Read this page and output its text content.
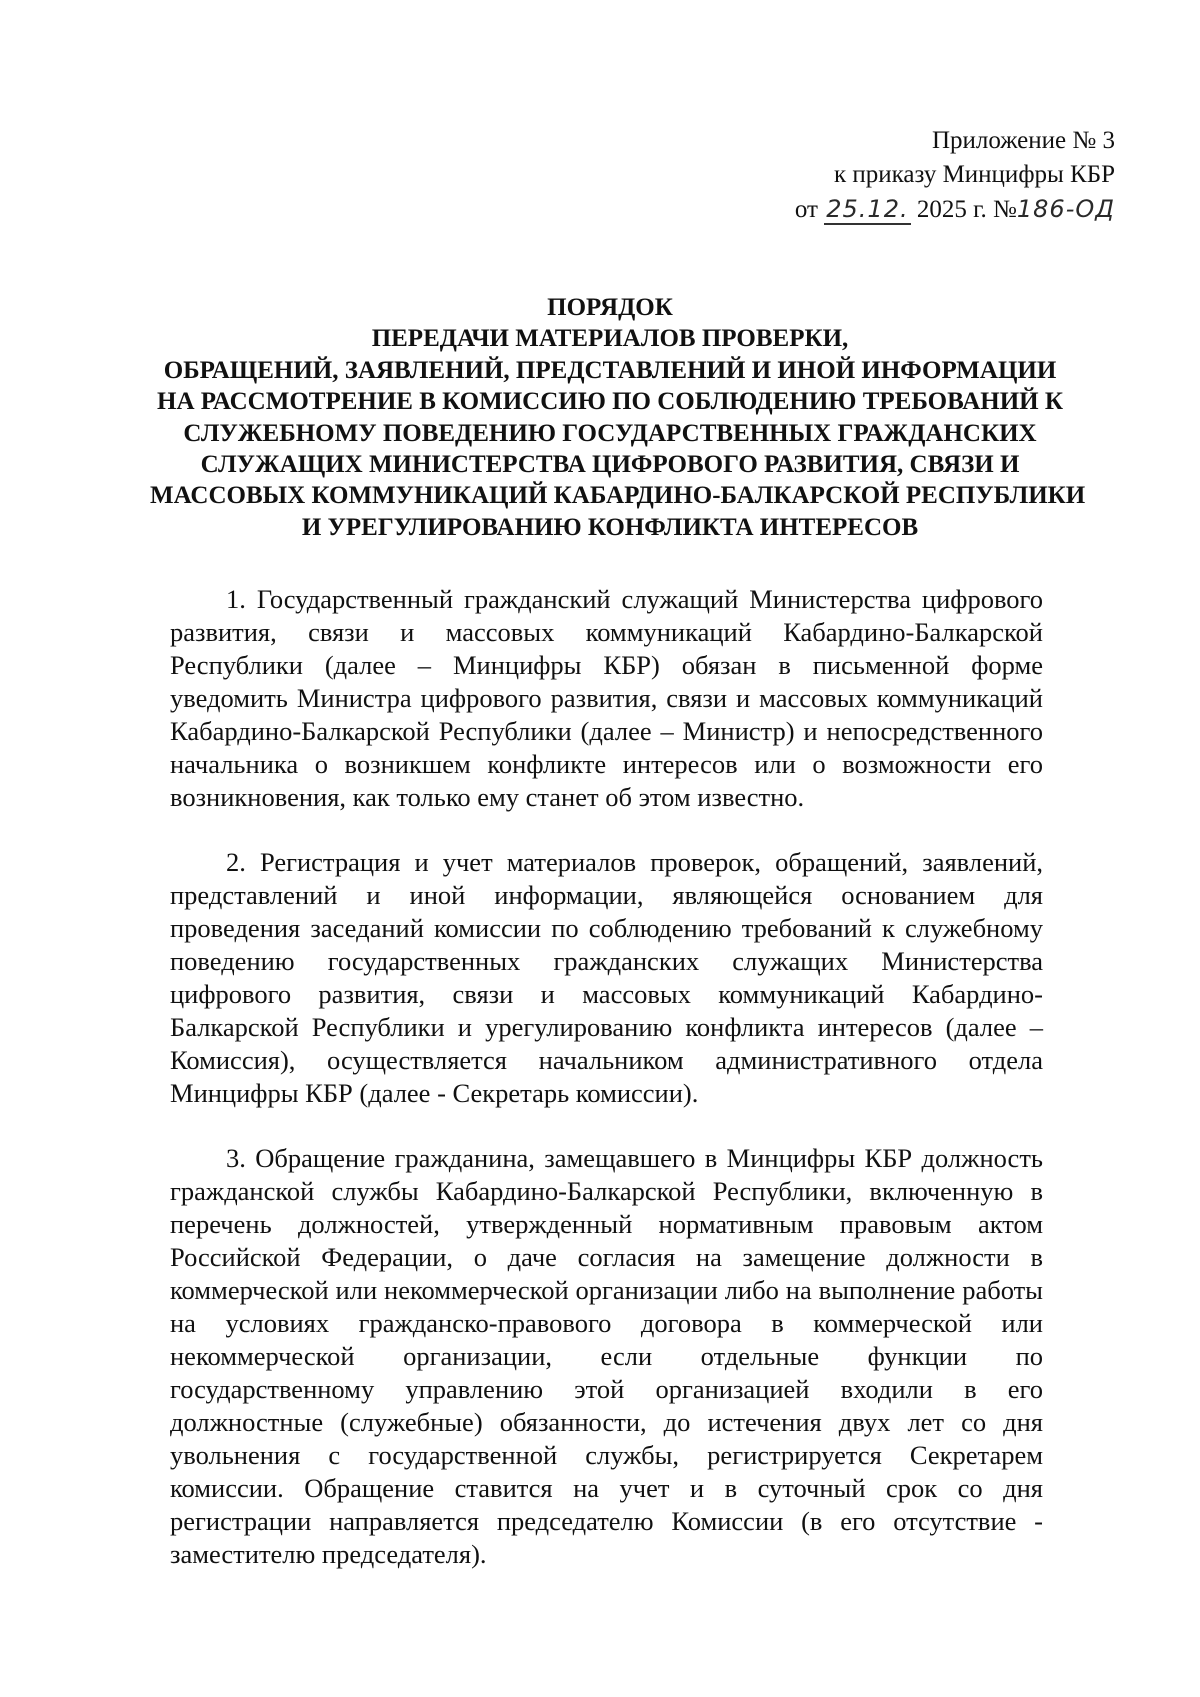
Приложение № 3
к приказу Минцифры КБР
от 25.12. 2025 г. №186-ОД
ПОРЯДОК
ПЕРЕДАЧИ МАТЕРИАЛОВ ПРОВЕРКИ,
ОБРАЩЕНИЙ, ЗАЯВЛЕНИЙ, ПРЕДСТАВЛЕНИЙ И ИНОЙ ИНФОРМАЦИИ
НА РАССМОТРЕНИЕ В КОМИССИЮ ПО СОБЛЮДЕНИЮ ТРЕБОВАНИЙ К
СЛУЖЕБНОМУ ПОВЕДЕНИЮ ГОСУДАРСТВЕННЫХ ГРАЖДАНСКИХ
СЛУЖАЩИХ МИНИСТЕРСТВА ЦИФРОВОГО РАЗВИТИЯ, СВЯЗИ И
МАССОВЫХ КОММУНИКАЦИЙ КАБАРДИНО-БАЛКАРСКОЙ РЕСПУБЛИКИ
И УРЕГУЛИРОВАНИЮ КОНФЛИКТА ИНТЕРЕСОВ

1. Государственный гражданский служащий Министерства цифрового развития, связи и массовых коммуникаций Кабардино-Балкарской Республики (далее – Минцифры КБР) обязан в письменной форме уведомить Министра цифрового развития, связи и массовых коммуникаций Кабардино-Балкарской Республики (далее – Министр) и непосредственного начальника о возникшем конфликте интересов или о возможности его возникновения, как только ему станет об этом известно.

2. Регистрация и учет материалов проверок, обращений, заявлений, представлений и иной информации, являющейся основанием для проведения заседаний комиссии по соблюдению требований к служебному поведению государственных гражданских служащих Министерства цифрового развития, связи и массовых коммуникаций Кабардино-Балкарской Республики и урегулированию конфликта интересов (далее – Комиссия), осуществляется начальником административного отдела Минцифры КБР (далее - Секретарь комиссии).

3. Обращение гражданина, замещавшего в Минцифры КБР должность гражданской службы Кабардино-Балкарской Республики, включенную в перечень должностей, утвержденный нормативным правовым актом Российской Федерации, о даче согласия на замещение должности в коммерческой или некоммерческой организации либо на выполнение работы на условиях гражданско-правового договора в коммерческой или некоммерческой организации, если отдельные функции по государственному управлению этой организацией входили в его должностные (служебные) обязанности, до истечения двух лет со дня увольнения с государственной службы, регистрируется Секретарем комиссии. Обращение ставится на учет и в суточный срок со дня регистрации направляется председателю Комиссии (в его отсутствие - заместителю председателя).
